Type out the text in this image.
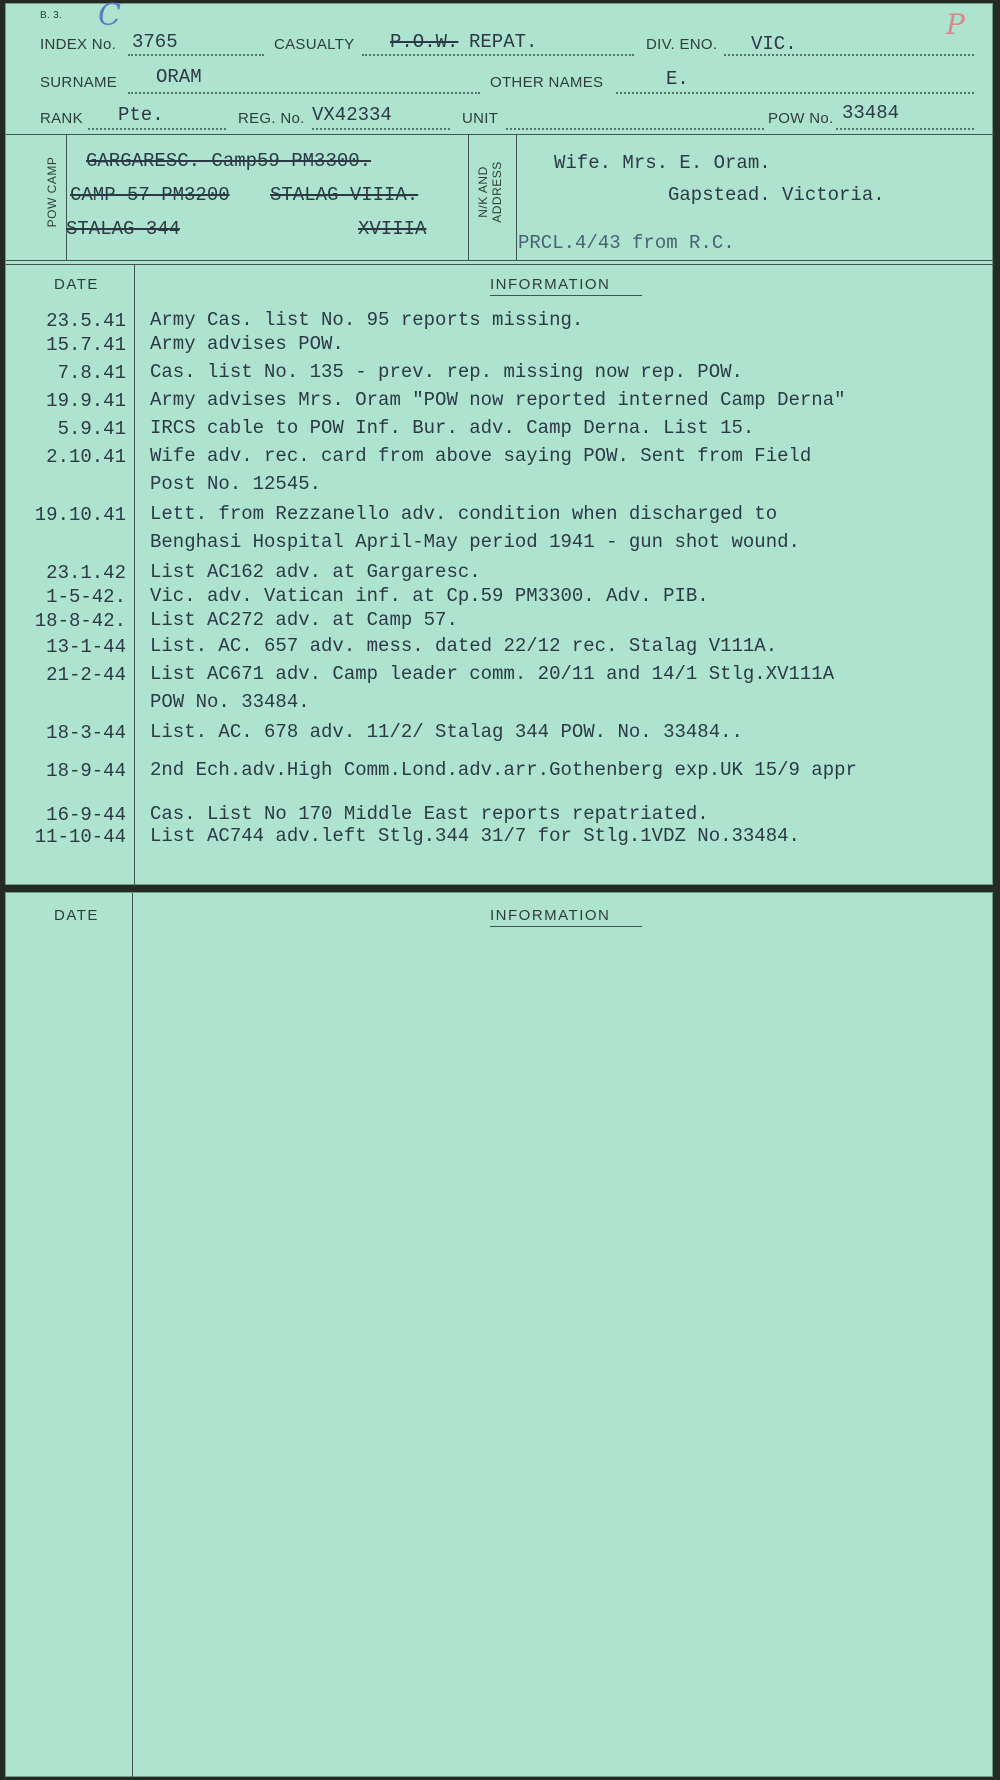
B. 3. C	P
INDEX No. 3765	CASUALTY P.O.W. REPAT.	DIV. ENO. VIC.
SURNAME ORAM	OTHER NAMES	E.
RANK Pte.	REG. No. VX42334	UNIT	POW No. 33484
POW CAMP GARGARESC. Camp59 PM3300.
CAMP 57 PM3200 STALAG VIIIA.
STALAG 344	XVIIIA
N/K AND ADDRESS	Wife. Mrs. E. Oram.
Gapstead. Victoria.
PRCL.4/43 from R.C.
DATE	INFORMATION
23.5.41 Army Cas. list No. 95 reports missing.
15.7.41 Army advises POW.
7.8.41 Cas. list No. 135 - prev. rep. missing now rep. POW.
19.9.41 Army advises Mrs. Oram "POW now reported interned Camp Derna"
5.9.41 IRCS cable to POW Inf. Bur. adv. Camp Derna. List 15.
2.10.41 Wife adv. rec. card from above saying POW. Sent from Field
Post No. 12545.
19.10.41 Lett. from Rezzanello adv. condition when discharged to
Benghasi Hospital April-May period 1941 - gun shot wound.
23.1.42 List AC162 adv. at Gargaresc.
1-5-42. Vic. adv. Vatican inf. at Cp.59 PM3300. Adv. PIB.
18-8-42. List AC272 adv. at Camp 57.
13-1-44 List. AC. 657 adv. mess. dated 22/12 rec. Stalag V111A.
21-2-44 List AC671 adv. Camp leader comm. 20/11 and 14/1 Stlg.XV111A
POW No. 33484.
18-3-44 List. AC. 678 adv. 11/2/ Stalag 344 POW. No. 33484..
18-9-44 2nd Ech.adv.High Comm.Lond.adv.arr.Gothenberg exp.UK 15/9 appr
16-9-44 Cas. List No 170 Middle East reports repatriated.
11-10-44 List AC744 adv.left Stlg.344 31/7 for Stlg.1VDZ No.33484.
DATE	INFORMATION
